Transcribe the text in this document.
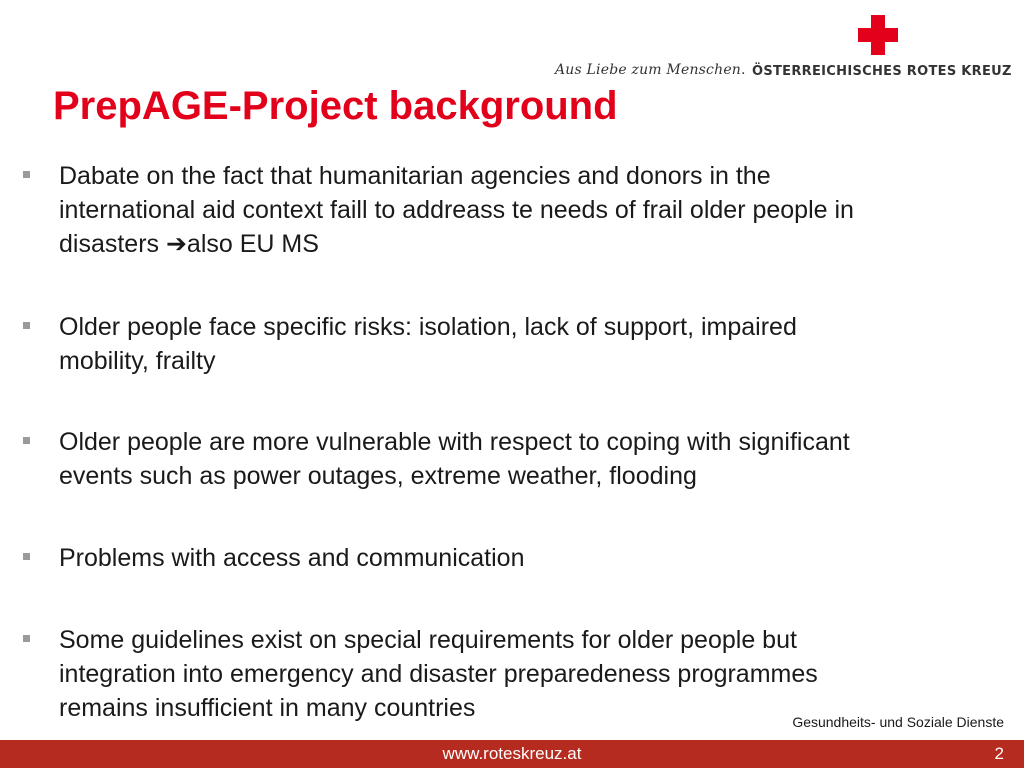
Aus Liebe zum Menschen. ÖSTERREICHISCHES ROTES KREUZ
PrepAGE-Project background

Dabate on the fact that humanitarian agencies and donors in the
international aid context faill to addreass te needs of frail older people in
disasters ➔also EU MS

Older people face specific risks: isolation, lack of support, impaired
mobility, frailty

Older people are more vulnerable with respect to coping with significant
events such as power outages, extreme weather, flooding

Problems with access and communication

Some guidelines exist on special requirements for older people but
integration into emergency and disaster preparedeness programmes
remains insufficient in many countries	Gesundheits- und Soziale Dienste
www.roteskreuz.at	2
